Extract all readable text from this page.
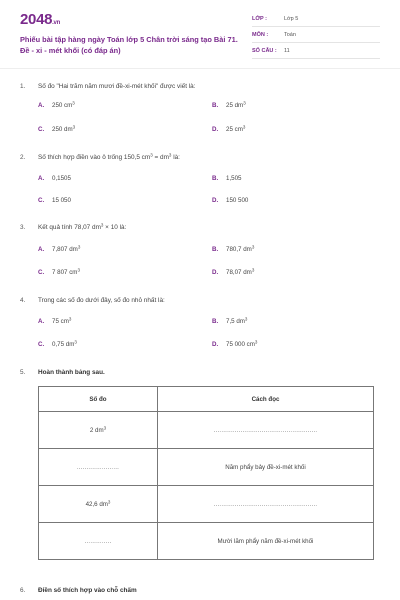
2048.vn
Phiếu bài tập hàng ngày Toán lớp 5 Chân trời sáng tạo Bài 71. Đề - xi - mét khối (có đáp án)
LỚP :	Lớp 5
MÔN :	Toán
SỐ CÂU : 11
1. Số đo "Hai trăm năm mươi đề-xi-mét khối" được viết là:
A. 250 $cm^3$	B. 25 $dm^3$
C. 250 $dm^3$	D. 25 $cm^3$
2. Số thích hợp điền vào ô trống 150,5 $cm^3 = dm^3$ là:
A. 0,1505	B. 1,505
C. 15 050	D. 150 500
3. Kết quả tính 78,07 $dm^3 \times 10$ là:
A. 7,807 $dm^3$	B. 780,7 $dm^3$
C. 7 807 $cm^3$	D. 78,07 $dm^3$
4. Trong các số đo dưới đây, số đo nhỏ nhất là:
A. 75 $cm^3$	B. 7,5 $dm^3$
C. 0,75 $dm^3$	D. 75 000 $cm^3$
5. Hoàn thành bảng sau.
Số đo	Cách đọc
2 $dm^3$	......................................................
......................	Năm phẩy bảy đề-xi-mét khối
42,6 $dm^3$	......................................................
..............	Mười lăm phẩy năm đề-xi-mét khối
6. Điền số thích hợp vào chỗ chấm
